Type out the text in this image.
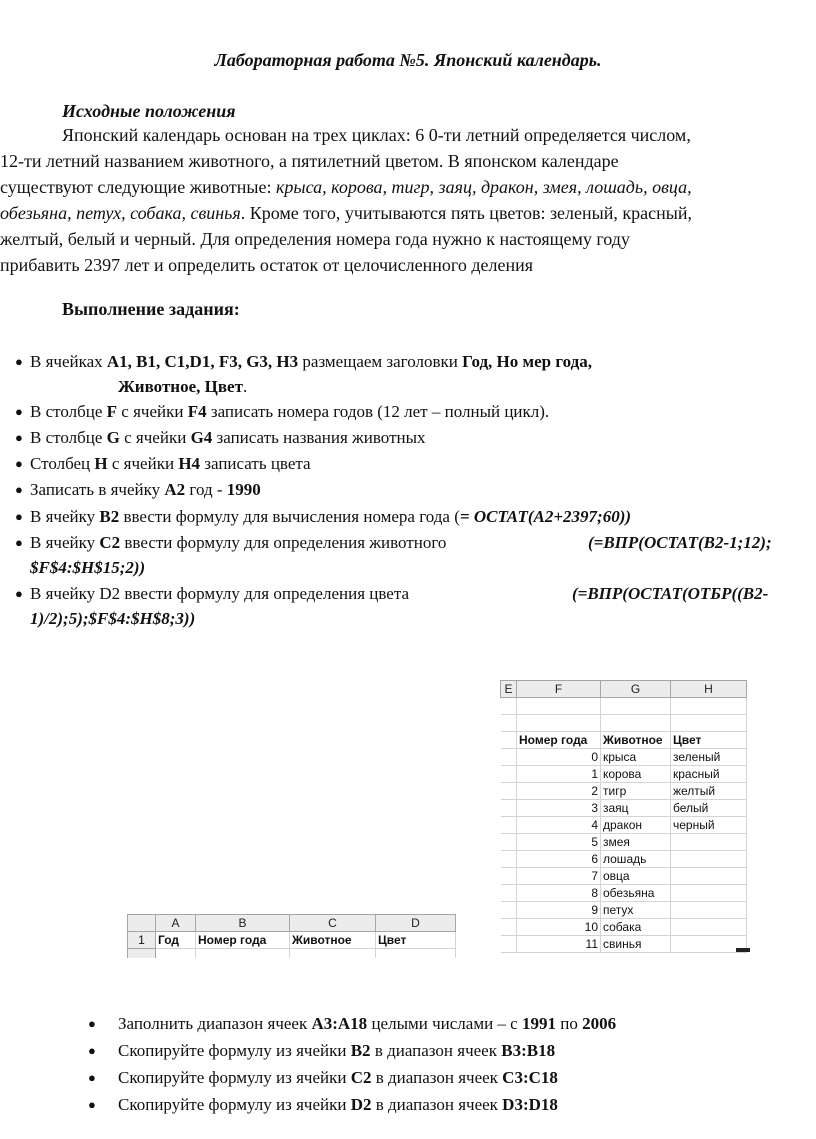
Лабораторная работа №5. Японский календарь.
Исходные положения
Японский календарь основан на трех циклах: 6 0-ти летний определяется числом,
12-ти летний названием животного, а пятилетний цветом. В японском календаре
существуют следующие животные: крыса, корова, тигр, заяц, дракон, змея, лошадь, овца,
обезьяна, петух, собака, свинья. Кроме того, учитываются пять цветов: зеленый, красный,
желтый, белый и черный. Для определения номера года нужно к настоящему году
прибавить 2397 лет и определить остаток от целочисленного деления
Выполнение задания:
● В ячейках A1, B1, C1,D1, F3, G3, H3 размещаем заголовки Год, Но мер года,
Животное, Цвет.
● В столбце F с ячейки F4 записать номера годов (12 лет – полный цикл).
● В столбце G с ячейки G4 записать названия животных
● Столбец H с ячейки H4 записать цвета
● Записать в ячейку A2 год - 1990
● В ячейку B2 ввести формулу для вычисления номера года (= ОСТАТ(А2+2397;60))
● В ячейку C2 ввести формулу для определения животного	(=ВПР(ОСТАТ(B2-1;12);
$F$4:$H$15;2))
● В ячейку D2 ввести формулу для определения цвета	(=ВПР(ОСТАТ(ОТБР((B2-
1)/2);5);$F$4:$H$8;3))
E	F	G	H

	Номер года	Животное	Цвет
	0	крыса	зеленый
	1	корова	красный
	2	тигр	желтый
	3	заяц	белый
	4	дракон	черный
	5	змея	
	6	лошадь	
	7	овца	
	8	обезьяна	
	9	петух	
	10	собака	
	11	свинья	
	A	B	C	D
1	Год	Номер года	Животное	Цвет

● Заполнить диапазон ячеек А3:А18 целыми числами – с 1991 по 2006
● Скопируйте формулу из ячейки B2 в диапазон ячеек B3:B18
● Скопируйте формулу из ячейки C2 в диапазон ячеек C3:C18
● Скопируйте формулу из ячейки D2 в диапазон ячеек D3:D18
